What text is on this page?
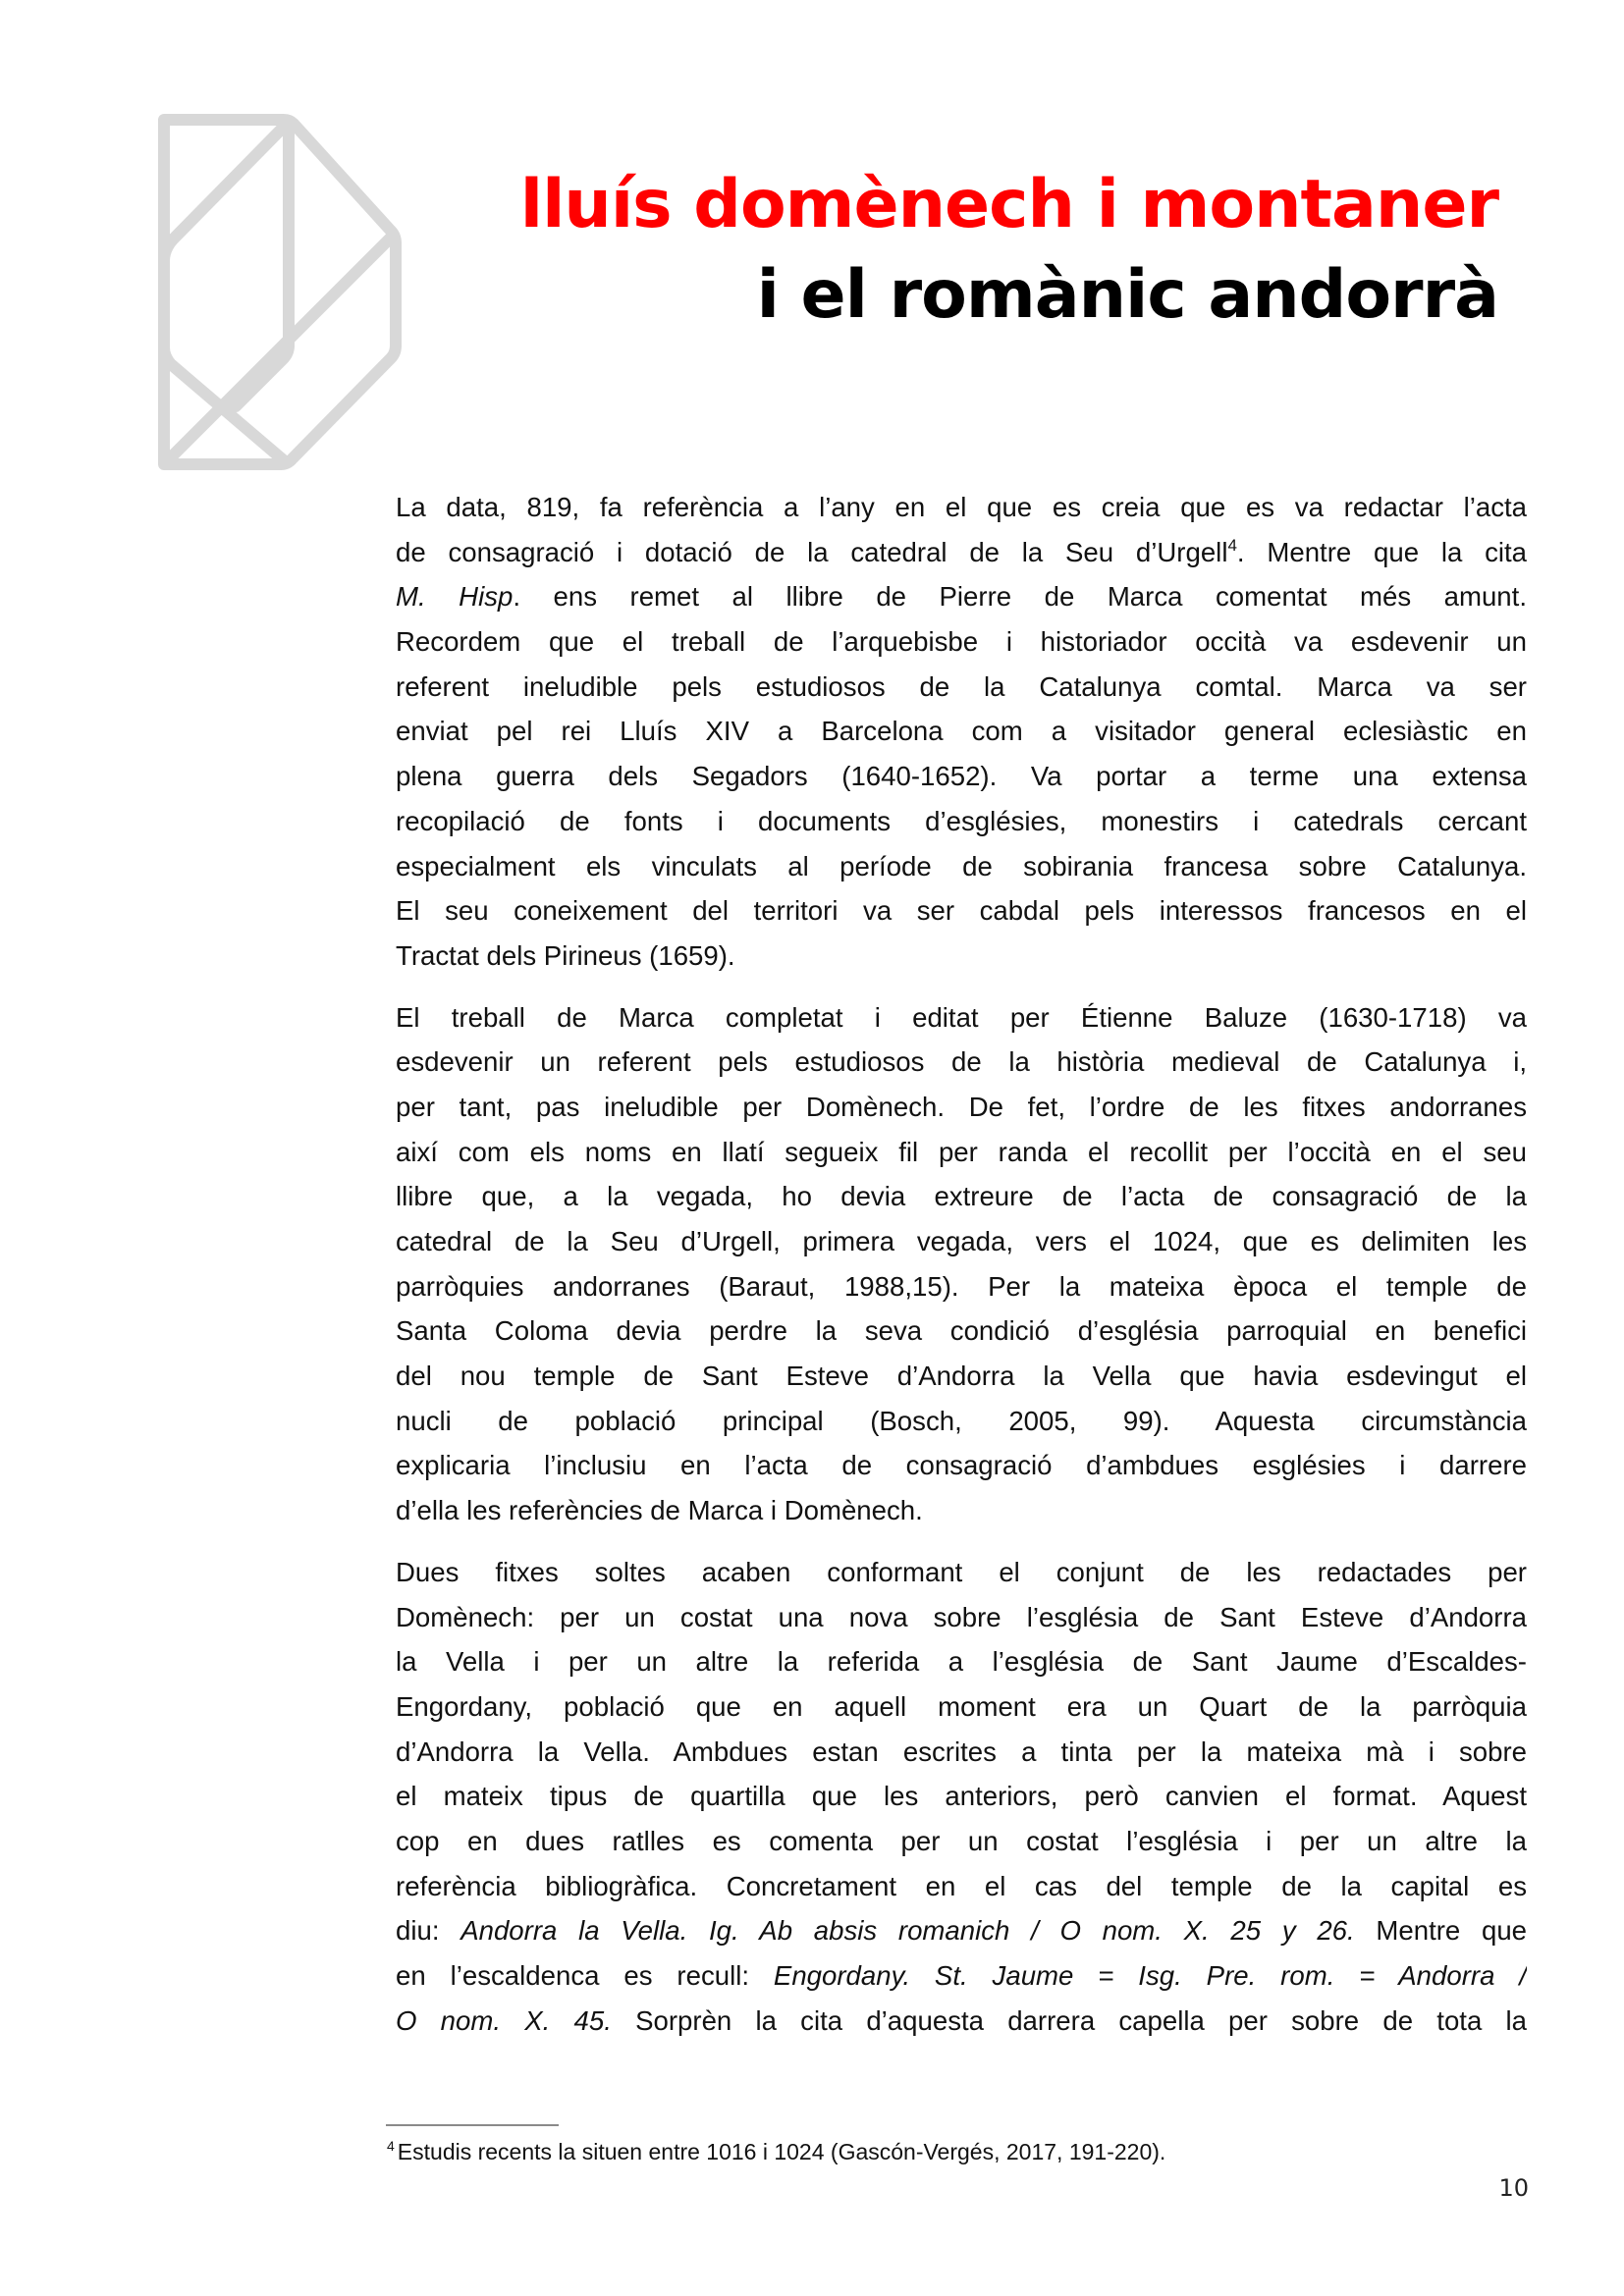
lluís domènech i montaner
i el romànic andorrà
La data, 819, fa referència a l’any en el que es creia que es va redactar l’acta
de consagració i dotació de la catedral de la Seu d’Urgell$^4$. Mentre que la cita
M. Hisp. ens remet al llibre de Pierre de Marca comentat més amunt.
Recordem que el treball de l’arquebisbe i historiador occità va esdevenir un
referent ineludible pels estudiosos de la Catalunya comtal. Marca va ser
enviat pel rei Lluís XIV a Barcelona com a visitador general eclesiàstic en
plena guerra dels Segadors (1640-1652). Va portar a terme una extensa
recopilació de fonts i documents d’esglésies, monestirs i catedrals cercant
especialment els vinculats al període de sobirania francesa sobre Catalunya.
El seu coneixement del territori va ser cabdal pels interessos francesos en el
Tractat dels Pirineus (1659).
El treball de Marca completat i editat per Étienne Baluze (1630-1718) va
esdevenir un referent pels estudiosos de la història medieval de Catalunya i,
per tant, pas ineludible per Domènech. De fet, l’ordre de les fitxes andorranes
així com els noms en llatí segueix fil per randa el recollit per l’occità en el seu
llibre que, a la vegada, ho devia extreure de l’acta de consagració de la
catedral de la Seu d’Urgell, primera vegada, vers el 1024, que es delimiten les
parròquies andorranes (Baraut, 1988,15). Per la mateixa època el temple de
Santa Coloma devia perdre la seva condició d’església parroquial en benefici
del nou temple de Sant Esteve d’Andorra la Vella que havia esdevingut el
nucli de població principal (Bosch, 2005, 99). Aquesta circumstància
explicaria l’inclusiu en l’acta de consagració d’ambdues esglésies i darrere
d’ella les referències de Marca i Domènech.
Dues fitxes soltes acaben conformant el conjunt de les redactades per
Domènech: per un costat una nova sobre l’església de Sant Esteve d’Andorra
la Vella i per un altre la referida a l’església de Sant Jaume d’Escaldes-
Engordany, població que en aquell moment era un Quart de la parròquia
d’Andorra la Vella. Ambdues estan escrites a tinta per la mateixa mà i sobre
el mateix tipus de quartilla que les anteriors, però canvien el format. Aquest
cop en dues ratlles es comenta per un costat l’església i per un altre la
referència bibliogràfica. Concretament en el cas del temple de la capital es
diu: Andorra la Vella. Ig. Ab absis romanich / O nom. X. 25 y 26. Mentre que
en l’escaldenca es recull: Engordany. St. Jaume = Isg. Pre. rom. = Andorra /
O nom. X. 45. Sorprèn la cita d’aquesta darrera capella per sobre de tota la
$^4$ Estudis recents la situen entre 1016 i 1024 (Gascón-Vergés, 2017, 191-220).
10
